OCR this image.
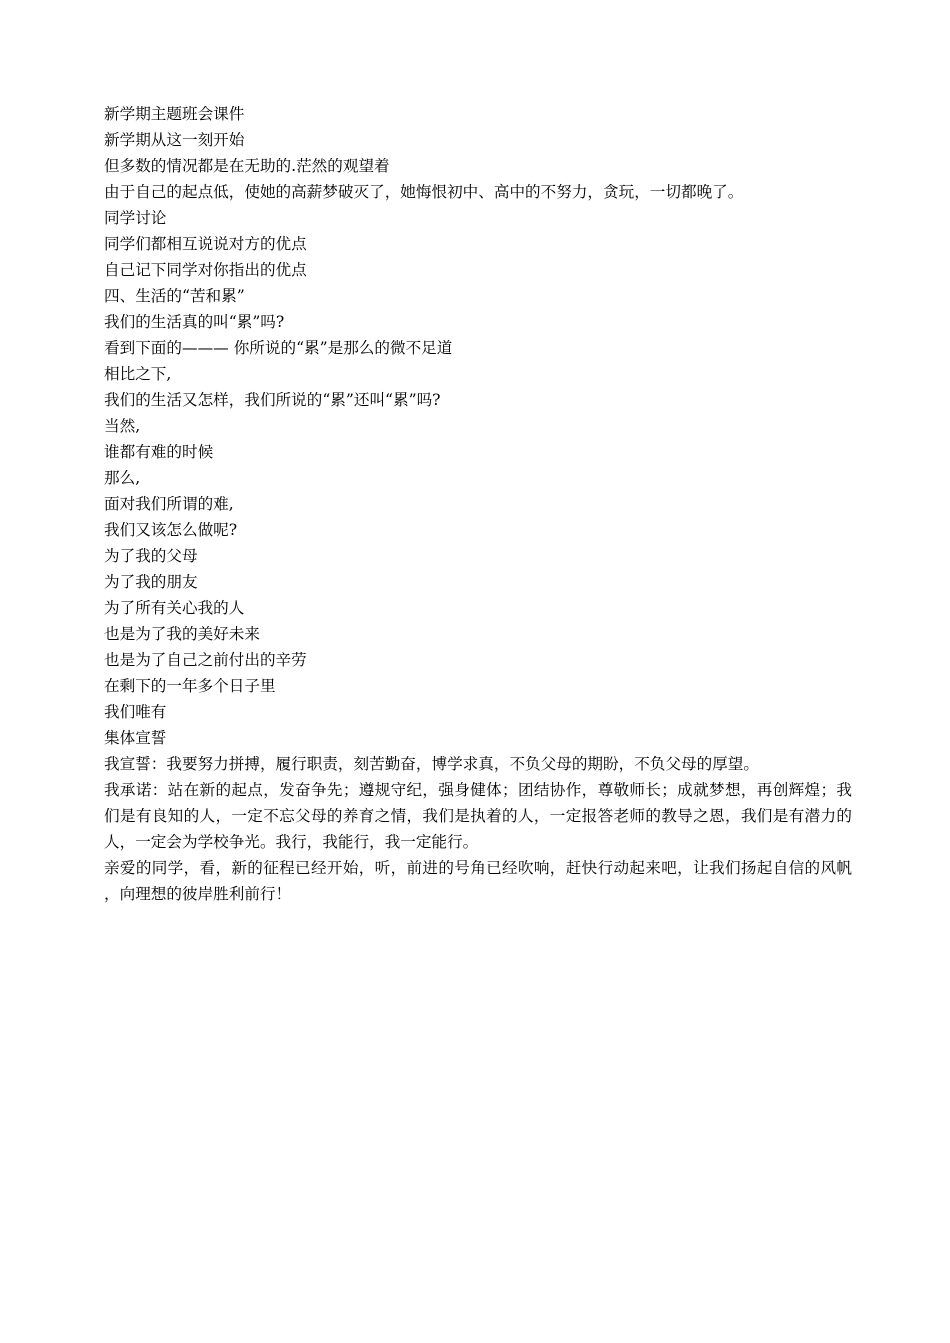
新学期主题班会课件
新学期从这一刻开始
但多数的情况都是在无助的.茫然的观望着
由于自己的起点低，使她的高薪梦破灭了，她悔恨初中、高中的不努力，贪玩，一切都晚了。
同学讨论
同学们都相互说说对方的优点
自己记下同学对你指出的优点
四、生活的“苦和累”
我们的生活真的叫“累”吗?
看到下面的——— 你所说的“累”是那么的微不足道
相比之下,
我们的生活又怎样，我们所说的“累”还叫“累”吗?
当然,
谁都有难的时候
那么,
面对我们所谓的难,
我们又该怎么做呢?
为了我的父母
为了我的朋友
为了所有关心我的人
也是为了我的美好未来
也是为了自己之前付出的辛劳
在剩下的一年多个日子里
我们唯有
集体宣誓
我宣誓：我要努力拼搏，履行职责，刻苦勤奋，博学求真，不负父母的期盼，不负父母的厚望。
我承诺：站在新的起点，发奋争先；遵规守纪，强身健体；团结协作，尊敬师长；成就梦想，再创辉煌；我们是有良知的人，一定不忘父母的养育之情，我们是执着的人，一定报答老师的教导之恩，我们是有潜力的人，一定会为学校争光。我行，我能行，我一定能行。
亲爱的同学，看，新的征程已经开始，听，前进的号角已经吹响，赶快行动起来吧，让我们扬起自信的风帆，向理想的彼岸胜利前行！
